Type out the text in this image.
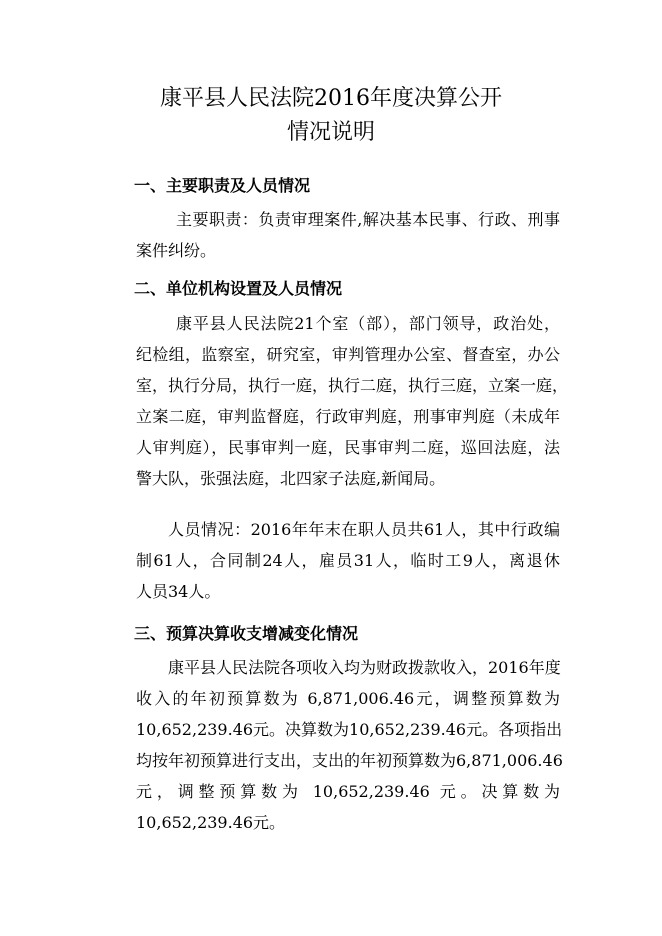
康平县人民法院2016年度决算公开
情况说明
一、主要职责及人员情况
主要职责：负责审理案件,解决基本民事、行政、刑事
案件纠纷。
二、单位机构设置及人员情况
康平县人民法院21个室（部），部门领导，政治处，
纪检组，监察室，研究室，审判管理办公室、督查室，办公
室，执行分局，执行一庭，执行二庭，执行三庭，立案一庭，
立案二庭，审判监督庭，行政审判庭，刑事审判庭（未成年
人审判庭），民事审判一庭，民事审判二庭，巡回法庭，法
警大队，张强法庭，北四家子法庭,新闻局。
人员情况：2016年年末在职人员共61人，其中行政编
制61人，合同制24人，雇员31人，临时工9人，离退休
人员34人。
三、预算决算收支增减变化情况
康平县人民法院各项收入均为财政拨款收入，2016年度
收入的年初预算数为 6,871,006.46元，调整预算数为
10,652,239.46元。决算数为10,652,239.46元。各项指出
均按年初预算进行支出，支出的年初预算数为6,871,006.46
元，调整预算数为 10,652,239.46 元。决算数为
10,652,239.46元。
